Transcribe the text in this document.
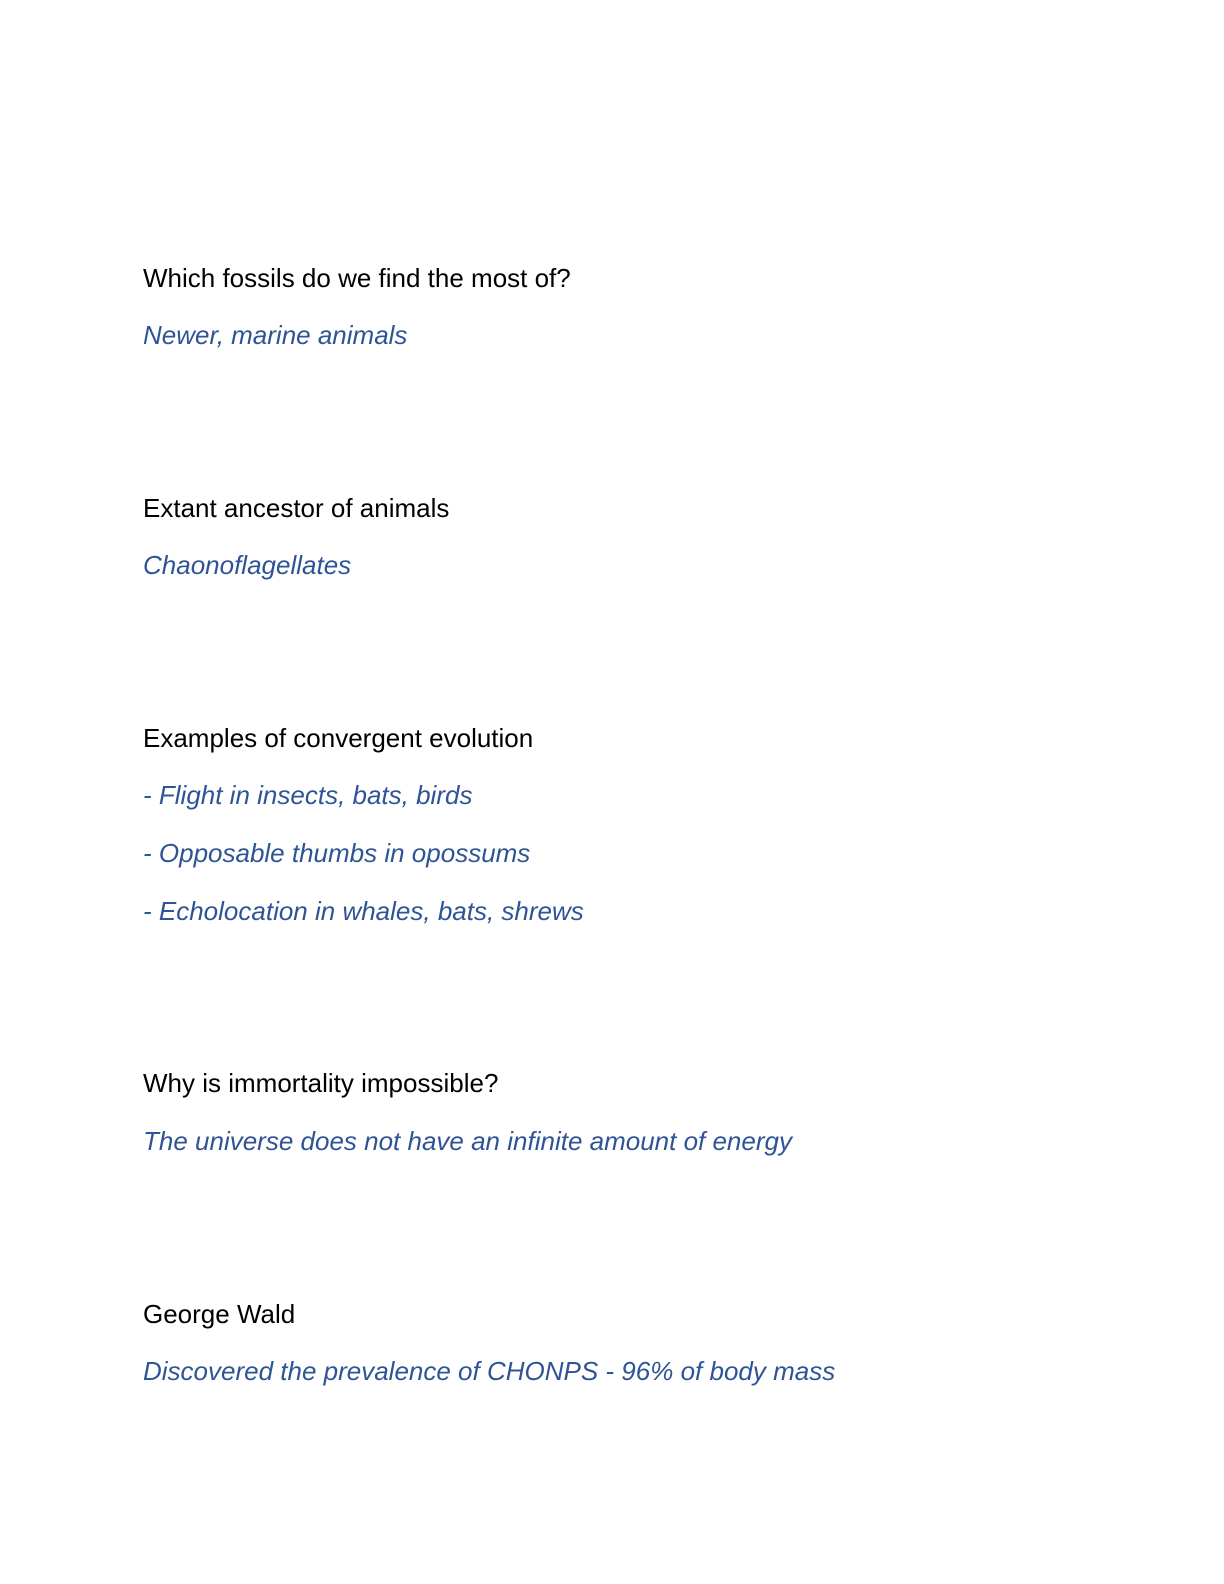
Which fossils do we find the most of?
Newer, marine animals
Extant ancestor of animals
Chaonoflagellates
Examples of convergent evolution
- Flight in insects, bats, birds
- Opposable thumbs in opossums
- Echolocation in whales, bats, shrews
Why is immortality impossible?
The universe does not have an infinite amount of energy
George Wald
Discovered the prevalence of CHONPS - 96% of body mass
